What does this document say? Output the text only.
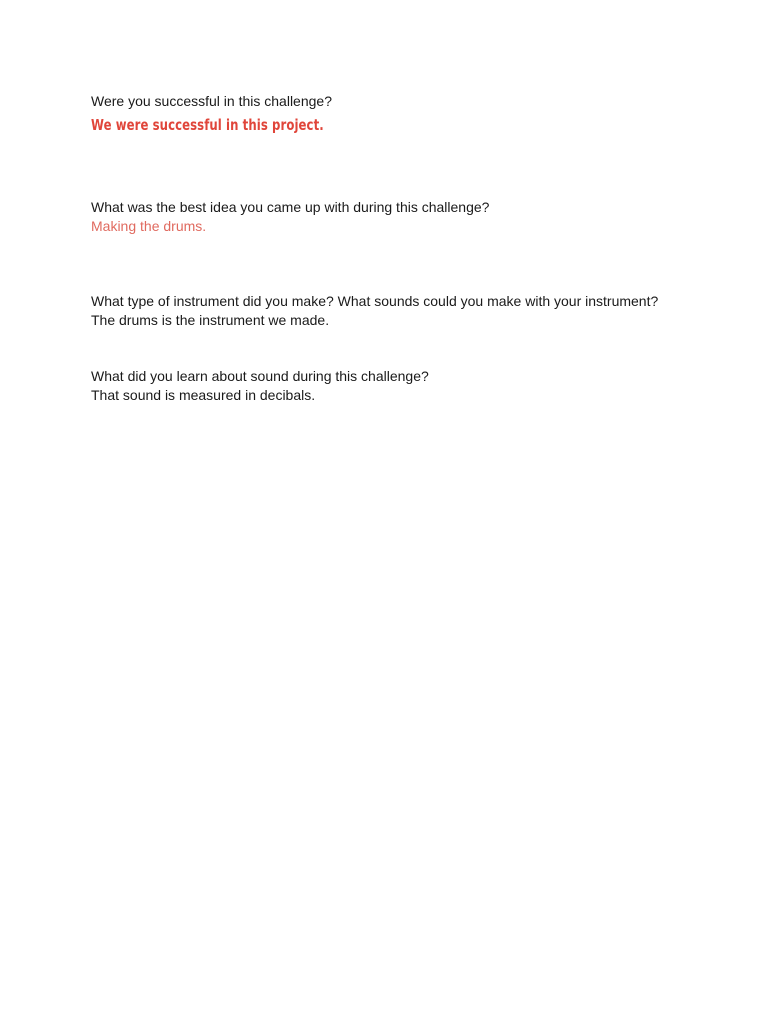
Were you successful in this challenge?

We were successful in this project.

What was the best idea you came up with during this challenge?

Making the drums.

What type of instrument did you make? What sounds could you make with your instrument?

The drums is the instrument we made.

What did you learn about sound during this challenge?

That sound is measured in decibals.
